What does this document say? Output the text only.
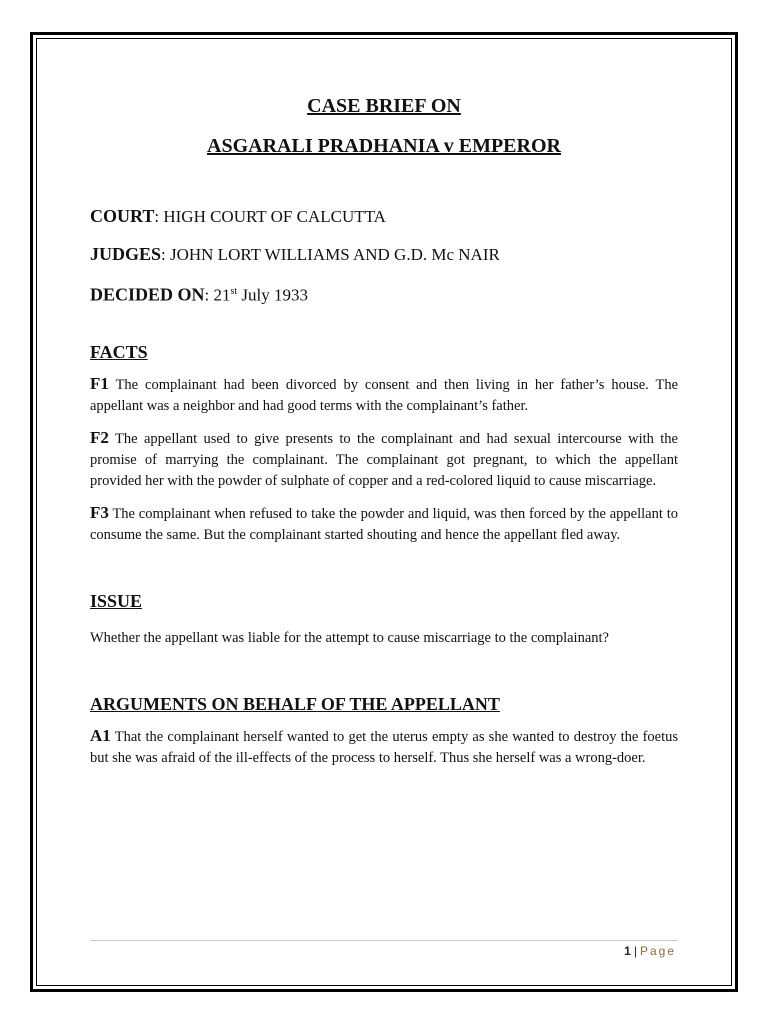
CASE BRIEF ON

ASGARALI PRADHANIA v EMPEROR

COURT: HIGH COURT OF CALCUTTA

JUDGES: JOHN LORT WILLIAMS AND G.D. Mc NAIR

DECIDED ON: 21st July 1933

FACTS

F1 The complainant had been divorced by consent and then living in her father’s house. The appellant was a neighbor and had good terms with the complainant’s father.

F2 The appellant used to give presents to the complainant and had sexual intercourse with the promise of marrying the complainant. The complainant got pregnant, to which the appellant provided her with the powder of sulphate of copper and a red-colored liquid to cause miscarriage.

F3 The complainant when refused to take the powder and liquid, was then forced by the appellant to consume the same. But the complainant started shouting and hence the appellant fled away.

ISSUE

Whether the appellant was liable for the attempt to cause miscarriage to the complainant?

ARGUMENTS ON BEHALF OF THE APPELLANT

A1 That the complainant herself wanted to get the uterus empty as she wanted to destroy the foetus but she was afraid of the ill-effects of the process to herself. Thus she herself was a wrong-doer.

1 | Page
